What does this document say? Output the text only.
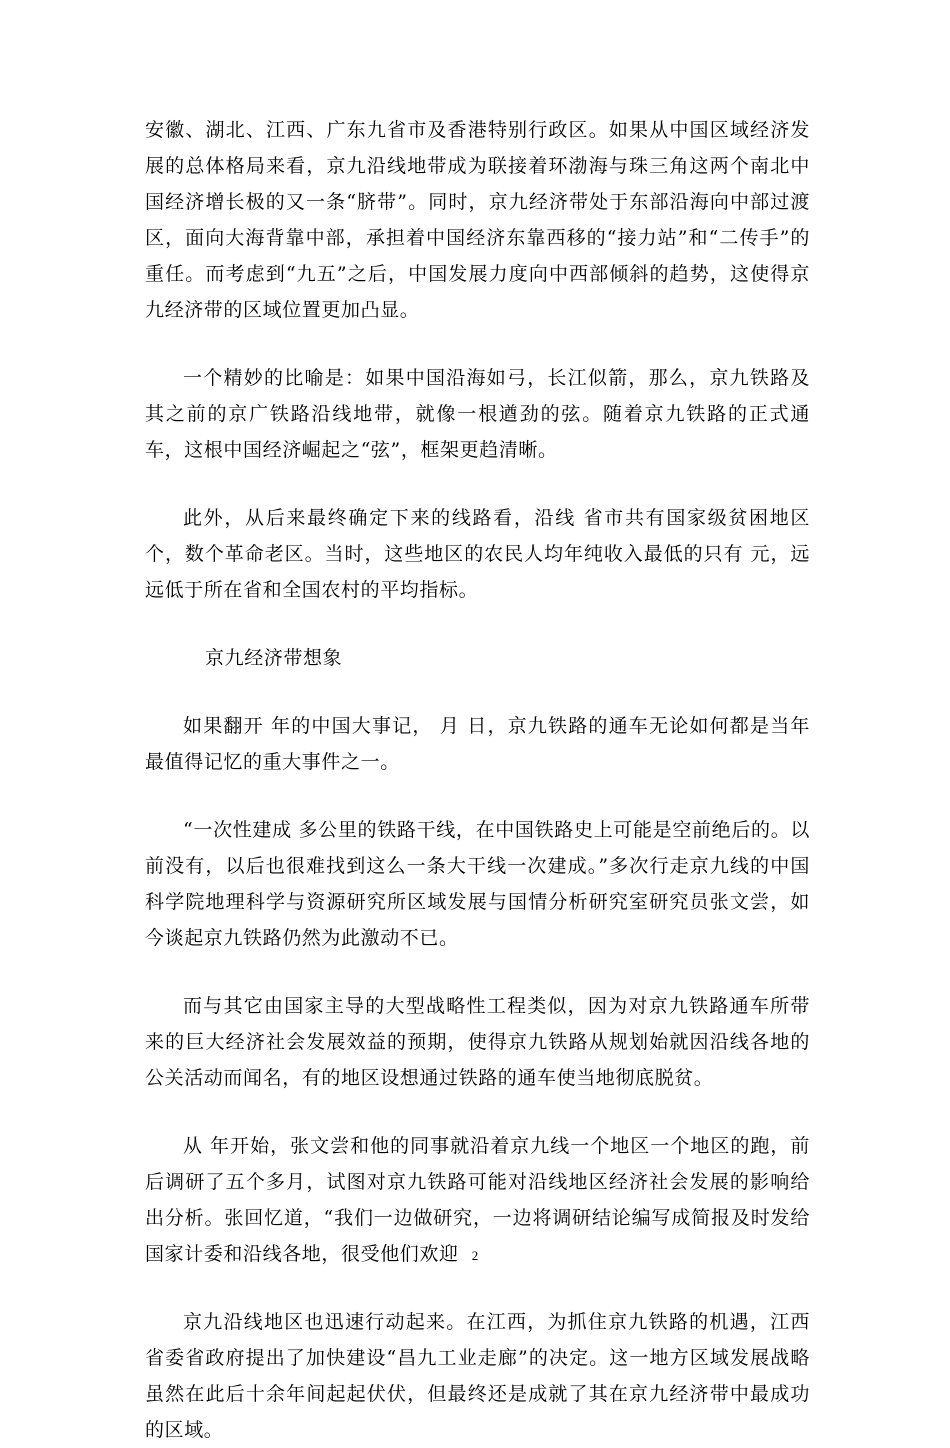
安徽、湖北、江西、广东九省市及香港特别行政区。如果从中国区域经济发展的总体格局来看，京九沿线地带成为联接着环渤海与珠三角这两个南北中国经济增长极的又一条“脐带”。同时，京九经济带处于东部沿海向中部过渡区，面向大海背靠中部，承担着中国经济东靠西移的“接力站”和“二传手”的重任。而考虑到“九五”之后，中国发展力度向中西部倾斜的趋势，这使得京九经济带的区域位置更加凸显。

一个精妙的比喻是：如果中国沿海如弓，长江似箭，那么，京九铁路及其之前的京广铁路沿线地带，就像一根遒劲的弦。随着京九铁路的正式通车，这根中国经济崛起之“弦”，框架更趋清晰。

此外，从后来最终确定下来的线路看，沿线 省市共有国家级贫困地区 个，数个革命老区。当时，这些地区的农民人均年纯收入最低的只有 元，远远低于所在省和全国农村的平均指标。

京九经济带想象

如果翻开 年的中国大事记， 月 日，京九铁路的通车无论如何都是当年最值得记忆的重大事件之一。

“一次性建成 多公里的铁路干线，在中国铁路史上可能是空前绝后的。以前没有，以后也很难找到这么一条大干线一次建成。”多次行走京九线的中国科学院地理科学与资源研究所区域发展与国情分析研究室研究员张文尝，如今谈起京九铁路仍然为此激动不已。

而与其它由国家主导的大型战略性工程类似，因为对京九铁路通车所带来的巨大经济社会发展效益的预期，使得京九铁路从规划始就因沿线各地的公关活动而闻名，有的地区设想通过铁路的通车使当地彻底脱贫。

从 年开始，张文尝和他的同事就沿着京九线一个地区一个地区的跑，前后调研了五个多月，试图对京九铁路可能对沿线地区经济社会发展的影响给出分析。张回忆道，“我们一边做研究，一边将调研结论编写成简报及时发给国家计委和沿线各地，很受他们欢迎

京九沿线地区也迅速行动起来。在江西，为抓住京九铁路的机遇，江西省委省政府提出了加快建设“昌九工业走廊”的决定。这一地方区域发展战略虽然在此后十余年间起起伏伏，但最终还是成就了其在京九经济带中最成功的区域。

2
